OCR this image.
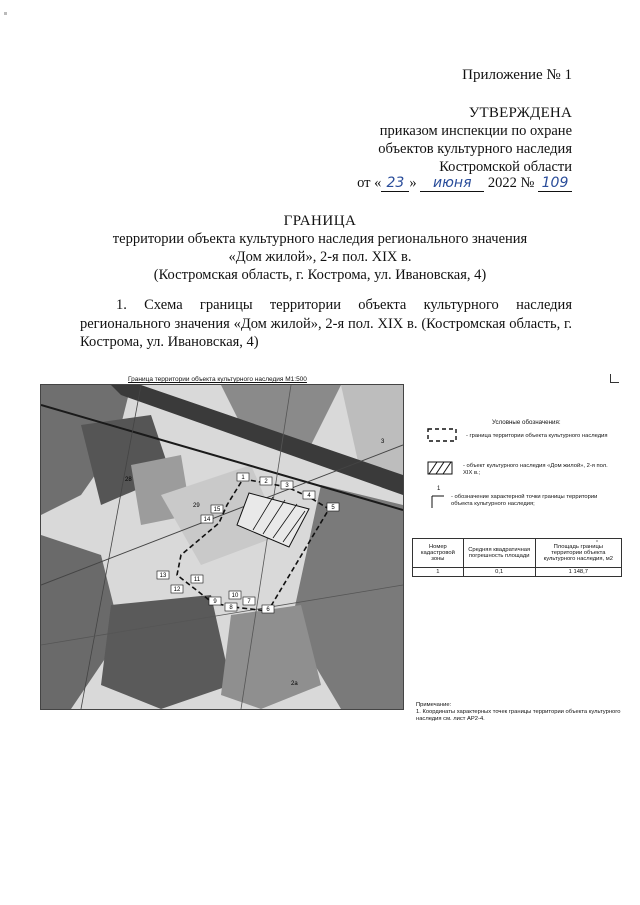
Приложение № 1
УТВЕРЖДЕНА
приказом инспекции по охране
объектов культурного наследия
Костромской области
от « 23 » июня 2022 № 109
ГРАНИЦА
территории объекта культурного наследия регионального значения
«Дом жилой», 2-я пол. XIX в.
(Костромская область, г. Кострома, ул. Ивановская, 4)
1. Схема границы территории объекта культурного наследия регионального значения «Дом жилой», 2-я пол. XIX в. (Костромская область, г. Кострома, ул. Ивановская, 4)
Граница территории объекта культурного наследия М1:500
1
2
3
4
5
6
7
8
9
10
11
12
13
14
15
3
28
29
2а
Условные обозначения:
- граница территории объекта культурного наследия
- объект культурного наследия «Дом жилой», 2-я пол. XIX в.;
1
- обозначение характерной точки границы территории объекта культурного наследия;
Номер кадастровой зоны	Средняя квадратичная погрешность площади	Площадь границы территории объекта культурного наследия, м2
1	0,1	1 148,7
Примечание:
1. Координаты характерных точек границы территории объекта культурного наследия см. лист АР2-4.
